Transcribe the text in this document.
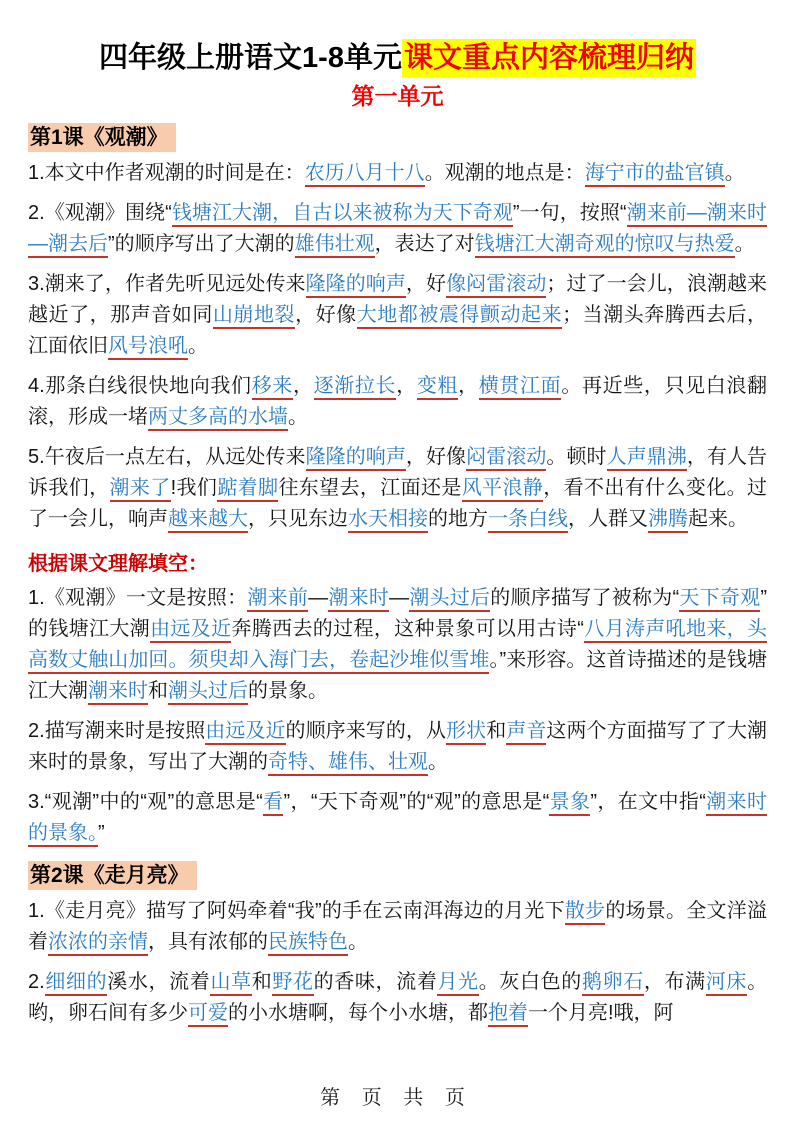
四年级上册语文1-8单元课文重点内容梳理归纳
第一单元
第1课《观潮》

1.本文中作者观潮的时间是在：农历八月十八。观潮的地点是：海宁市的盐官镇。

2.《观潮》围绕“钱塘江大潮，自古以来被称为天下奇观”一句，按照“潮来前—潮来时—潮去后”的顺序写出了大潮的雄伟壮观，表达了对钱塘江大潮奇观的惊叹与热爱。

3.潮来了，作者先听见远处传来隆隆的响声，好像闷雷滚动；过了一会儿，浪潮越来越近了，那声音如同山崩地裂，好像大地都被震得颤动起来；当潮头奔腾西去后，江面依旧风号浪吼。

4.那条白线很快地向我们移来，逐渐拉长，变粗，横贯江面。再近些，只见白浪翻滚，形成一堵两丈多高的水墙。

5.午夜后一点左右，从远处传来隆隆的响声，好像闷雷滚动。顿时人声鼎沸，有人告诉我们，潮来了!我们踮着脚往东望去，江面还是风平浪静，看不出有什么变化。过了一会儿，响声越来越大，只见东边水天相接的地方一条白线，人群又沸腾起来。

根据课文理解填空：

1.《观潮》一文是按照：潮来前—潮来时—潮头过后的顺序描写了被称为“天下奇观”的钱塘江大潮由远及近奔腾西去的过程，这种景象可以用古诗“八月涛声吼地来，头高数丈触山加回。须臾却入海门去，卷起沙堆似雪堆。”来形容。这首诗描述的是钱塘江大潮潮来时和潮头过后的景象。

2.描写潮来时是按照由远及近的顺序来写的，从形状和声音这两个方面描写了了大潮来时的景象，写出了大潮的奇特、雄伟、壮观。

3.“观潮”中的“观”的意思是“看”，“天下奇观”的“观”的意思是“景象”，在文中指“潮来时的景象。”

第2课《走月亮》

1.《走月亮》描写了阿妈牵着“我”的手在云南洱海边的月光下散步的场景。全文洋溢着浓浓的亲情，具有浓郁的民族特色。

2.细细的溪水，流着山草和野花的香味，流着月光。灰白色的鹅卵石，布满河床。哟，卵石间有多少可爱的小水塘啊，每个小水塘，都抱着一个月亮!哦，阿

第 页 共 页
